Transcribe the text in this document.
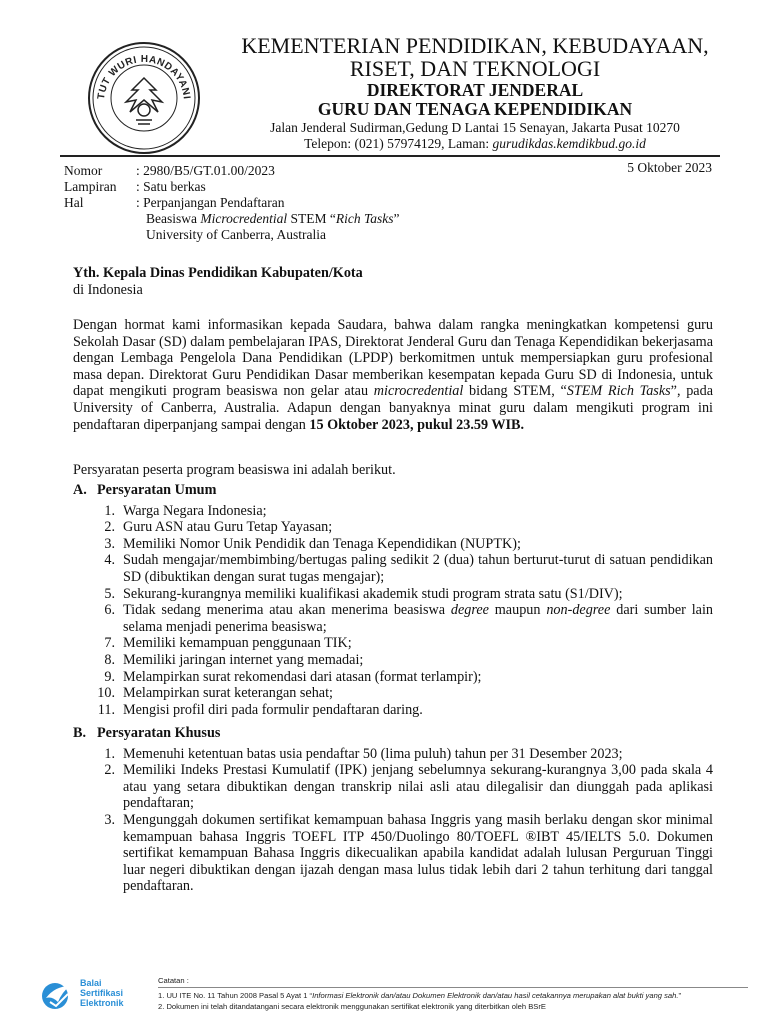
TUT WURI HANDAYANI
KEMENTERIAN PENDIDIKAN, KEBUDAYAAN,
RISET, DAN TEKNOLOGI
DIREKTORAT JENDERAL
GURU DAN TENAGA KEPENDIDIKAN
Jalan Jenderal Sudirman,Gedung D Lantai 15 Senayan, Jakarta Pusat 10270
Telepon: (021) 57974129, Laman: gurudikdas.kemdikbud.go.id
Nomor	: 2980/B5/GT.01.00/2023	5 Oktober 2023
Lampiran : Satu berkas
Hal	: Perpanjangan Pendaftaran
Beasiswa Microcredential STEM “Rich Tasks”
University of Canberra, Australia
Yth. Kepala Dinas Pendidikan Kabupaten/Kota
di Indonesia

Dengan hormat kami informasikan kepada Saudara, bahwa dalam rangka meningkatkan kompetensi guru Sekolah Dasar (SD) dalam pembelajaran IPAS, Direktorat Jenderal Guru dan Tenaga Kependidikan bekerjasama dengan Lembaga Pengelola Dana Pendidikan (LPDP) berkomitmen untuk mempersiapkan guru profesional masa depan. Direktorat Guru Pendidikan Dasar memberikan kesempatan kepada Guru SD di Indonesia, untuk dapat mengikuti program beasiswa non gelar atau microcredential bidang STEM, “STEM Rich Tasks”, pada University of Canberra, Australia. Adapun dengan banyaknya minat guru dalam mengikuti program ini pendaftaran diperpanjang sampai dengan 15 Oktober 2023, pukul 23.59 WIB.

Persyaratan peserta program beasiswa ini adalah berikut.
A. Persyaratan Umum
1. Warga Negara Indonesia;
2. Guru ASN atau Guru Tetap Yayasan;
3. Memiliki Nomor Unik Pendidik dan Tenaga Kependidikan (NUPTK);
4. Sudah mengajar/membimbing/bertugas paling sedikit 2 (dua) tahun berturut-turut di satuan pendidikan SD (dibuktikan dengan surat tugas mengajar);
5. Sekurang-kurangnya memiliki kualifikasi akademik studi program strata satu (S1/DIV);
6. Tidak sedang menerima atau akan menerima beasiswa degree maupun non-degree dari sumber lain selama menjadi penerima beasiswa;
7. Memiliki kemampuan penggunaan TIK;
8. Memiliki jaringan internet yang memadai;
9. Melampirkan surat rekomendasi dari atasan (format terlampir);
10. Melampirkan surat keterangan sehat;
11. Mengisi profil diri pada formulir pendaftaran daring.
B. Persyaratan Khusus
1. Memenuhi ketentuan batas usia pendaftar 50 (lima puluh) tahun per 31 Desember 2023;
2. Memiliki Indeks Prestasi Kumulatif (IPK) jenjang sebelumnya sekurang-kurangnya 3,00 pada skala 4 atau yang setara dibuktikan dengan transkrip nilai asli atau dilegalisir dan diunggah pada aplikasi pendaftaran;
3. Mengunggah dokumen sertifikat kemampuan bahasa Inggris yang masih berlaku dengan skor minimal kemampuan bahasa Inggris TOEFL ITP 450/Duolingo 80/TOEFL ®IBT 45/IELTS 5.0. Dokumen sertifikat kemampuan Bahasa Inggris dikecualikan apabila kandidat adalah lulusan Perguruan Tinggi luar negeri dibuktikan dengan ijazah dengan masa lulus tidak lebih dari 2 tahun terhitung dari tanggal pendaftaran.
Balai
Sertifikasi
Elektronik
Catatan :
1. UU ITE No. 11 Tahun 2008 Pasal 5 Ayat 1 “Informasi Elektronik dan/atau Dokumen Elektronik dan/atau hasil cetakannya merupakan alat bukti yang sah.”
2. Dokumen ini telah ditandatangani secara elektronik menggunakan sertifikat elektronik yang diterbitkan oleh BSrE
